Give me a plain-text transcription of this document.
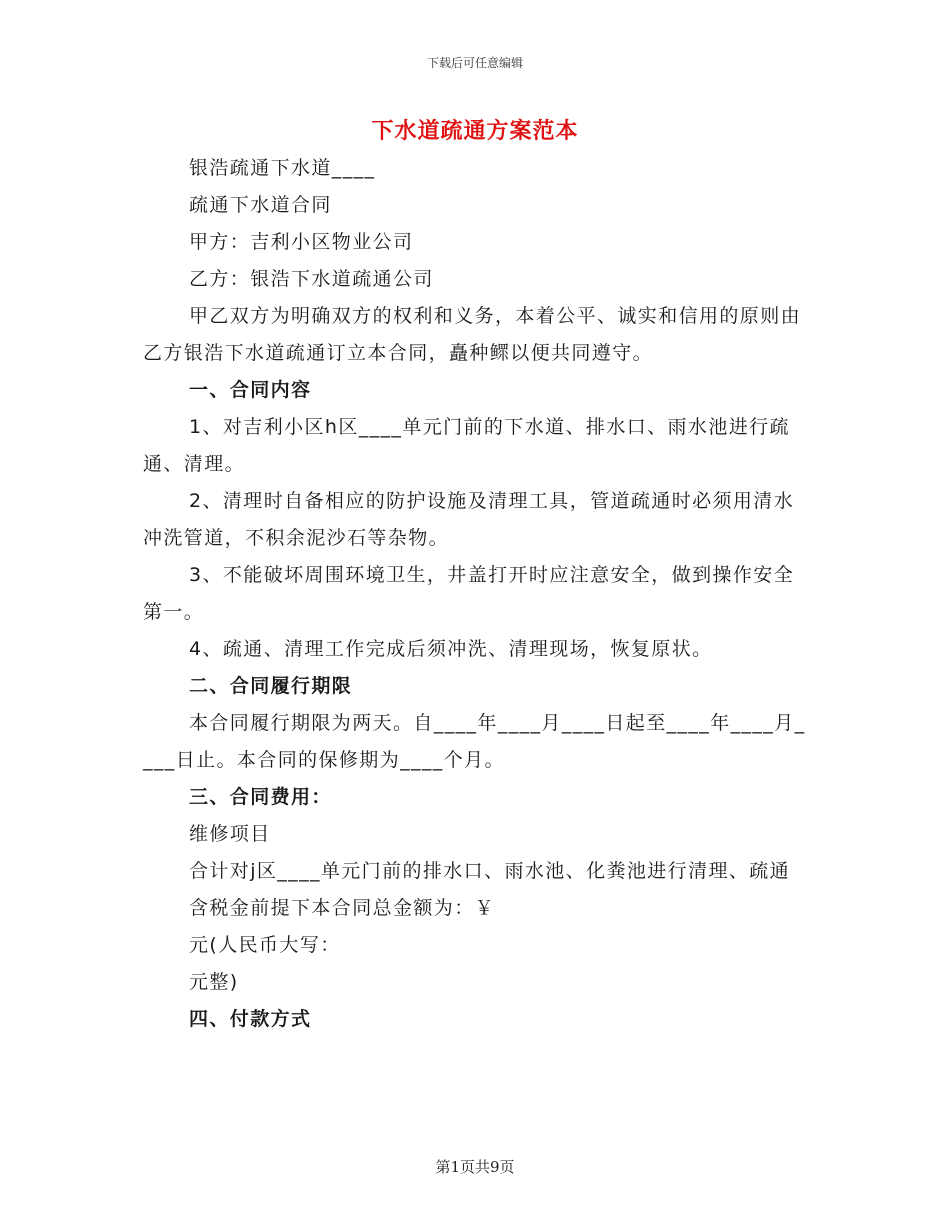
下载后可任意编辑
下水道疏通方案范本

银浩疏通下水道____

疏通下水道合同

甲方：吉利小区物业公司

乙方：银浩下水道疏通公司

甲乙双方为明确双方的权利和义务，本着公平、诚实和信用的原则由乙方银浩下水道疏通订立本合同，矗种鳏以便共同遵守。

一、合同内容

1、对吉利小区h区____单元门前的下水道、排水口、雨水池进行疏通、清理。

2、清理时自备相应的防护设施及清理工具，管道疏通时必须用清水冲洗管道，不积余泥沙石等杂物。

3、不能破坏周围环境卫生，井盖打开时应注意安全，做到操作安全第一。

4、疏通、清理工作完成后须冲洗、清理现场，恢复原状。

二、合同履行期限

本合同履行期限为两天。自____年____月____日起至____年____月____日止。本合同的保修期为____个月。

三、合同费用：

维修项目

合计对j区____单元门前的排水口、雨水池、化粪池进行清理、疏通

含税金前提下本合同总金额为：￥

元(人民币大写：

元整)

四、付款方式

第1页共9页
